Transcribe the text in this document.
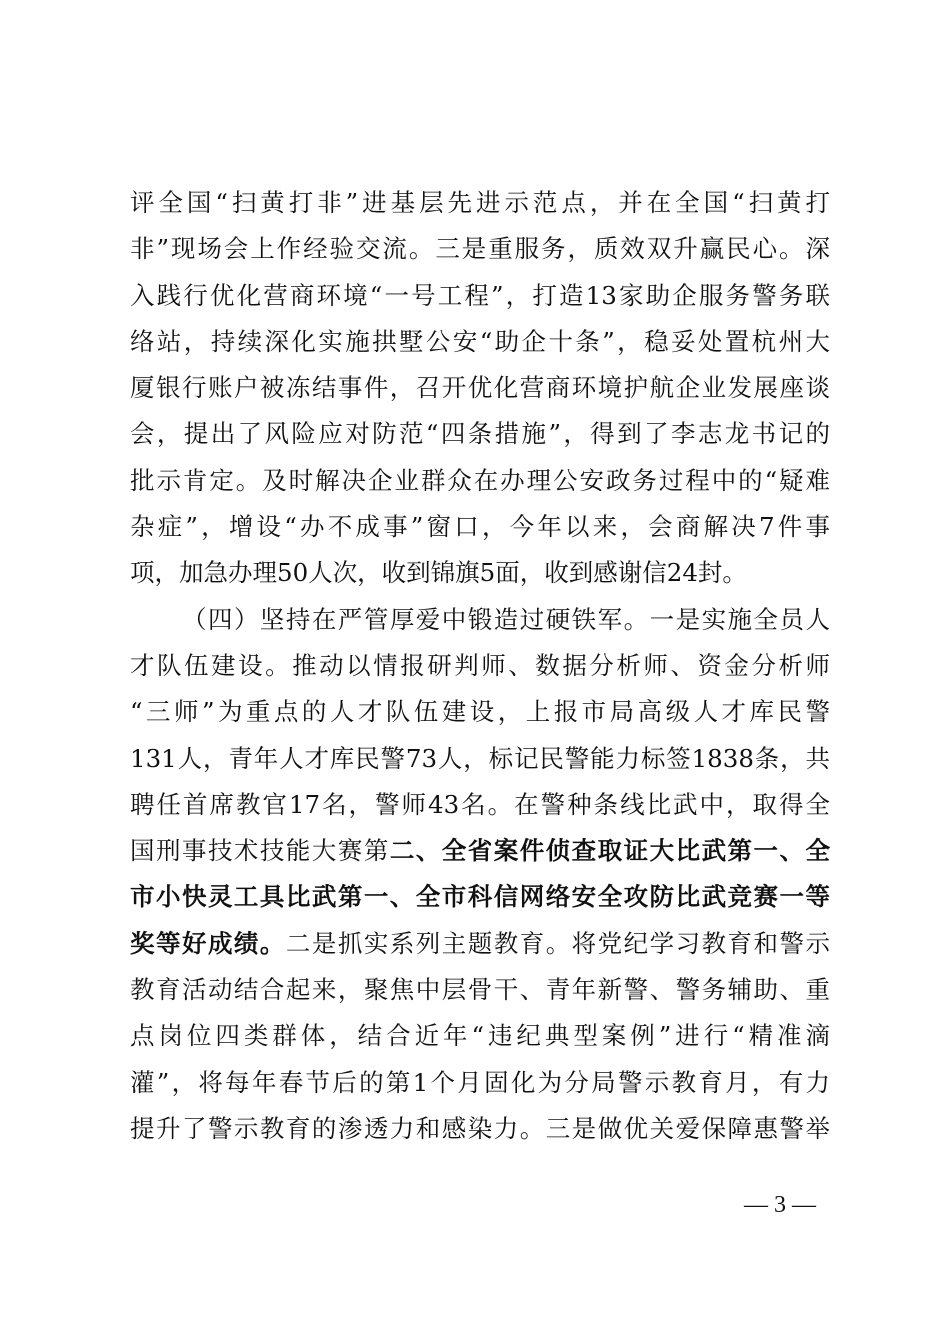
评全国“扫黄打非”进基层先进示范点，并在全国“扫黄打
非”现场会上作经验交流。三是重服务，质效双升赢民心。深
入践行优化营商环境“一号工程”，打造13家助企服务警务联
络站，持续深化实施拱墅公安“助企十条”，稳妥处置杭州大
厦银行账户被冻结事件，召开优化营商环境护航企业发展座谈
会，提出了风险应对防范“四条措施”，得到了李志龙书记的
批示肯定。及时解决企业群众在办理公安政务过程中的“疑难
杂症”，增设“办不成事”窗口，今年以来，会商解决7件事
项，加急办理50人次，收到锦旗5面，收到感谢信24封。
（四）坚持在严管厚爱中锻造过硬铁军。一是实施全员人
才队伍建设。推动以情报研判师、数据分析师、资金分析师
“三师”为重点的人才队伍建设，上报市局高级人才库民警
131人，青年人才库民警73人，标记民警能力标签1838条，共
聘任首席教官17名，警师43名。在警种条线比武中，取得全
国刑事技术技能大赛第二、全省案件侦查取证大比武第一、全
市小快灵工具比武第一、全市科信网络安全攻防比武竞赛一等
奖等好成绩。二是抓实系列主题教育。将党纪学习教育和警示
教育活动结合起来，聚焦中层骨干、青年新警、警务辅助、重
点岗位四类群体，结合近年“违纪典型案例”进行“精准滴
灌”，将每年春节后的第1个月固化为分局警示教育月，有力
提升了警示教育的渗透力和感染力。三是做优关爱保障惠警举
— 3 —
